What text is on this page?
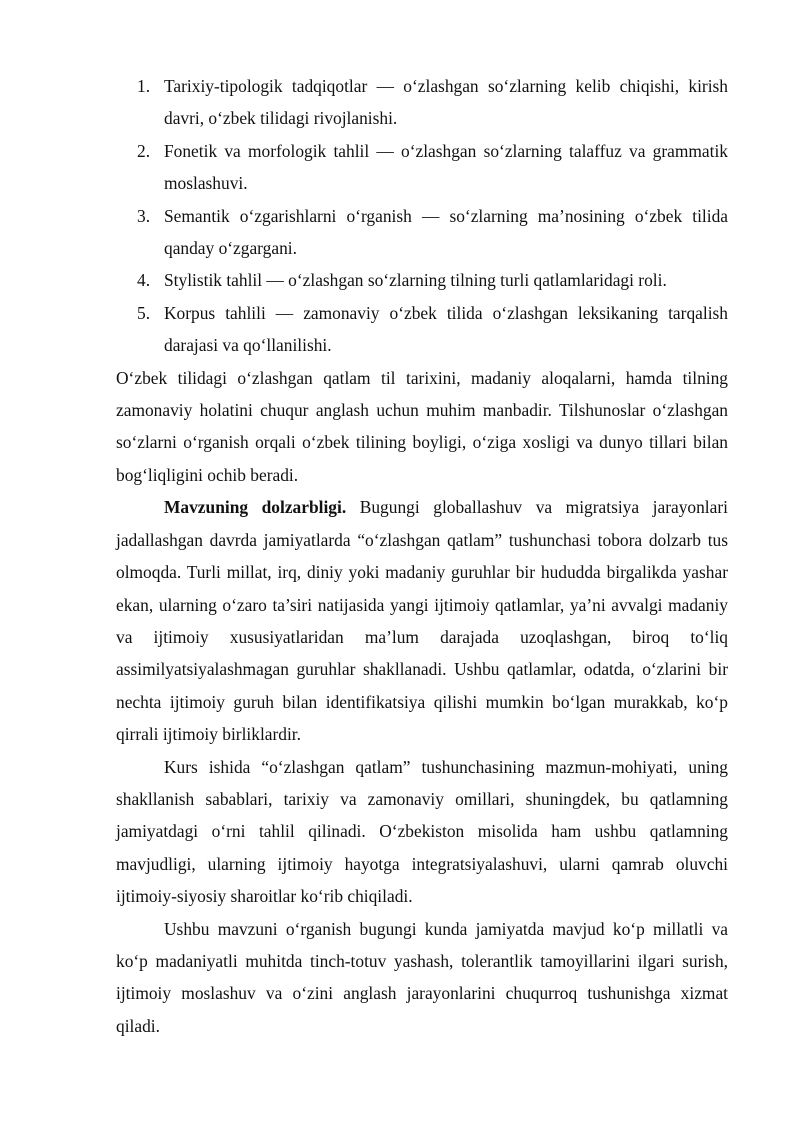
1. Tarixiy-tipologik tadqiqotlar — o‘zlashgan so‘zlarning kelib chiqishi, kirish davri, o‘zbek tilidagi rivojlanishi.
2. Fonetik va morfologik tahlil — o‘zlashgan so‘zlarning talaffuz va grammatik moslashuvi.
3. Semantik o‘zgarishlarni o‘rganish — so‘zlarning ma’nosining o‘zbek tilida qanday o‘zgargani.
4. Stylistik tahlil — o‘zlashgan so‘zlarning tilning turli qatlamlaridagi roli.
5. Korpus tahlili — zamonaviy o‘zbek tilida o‘zlashgan leksikaning tarqalish darajasi va qo‘llanilishi.

O‘zbek tilidagi o‘zlashgan qatlam til tarixini, madaniy aloqalarni, hamda tilning zamonaviy holatini chuqur anglash uchun muhim manbadir. Tilshunoslar o‘zlashgan so‘zlarni o‘rganish orqali o‘zbek tilining boyligi, o‘ziga xosligi va dunyo tillari bilan bog‘liqligini ochib beradi.

Mavzuning dolzarbligi. Bugungi globallashuv va migratsiya jarayonlari jadallashgan davrda jamiyatlarda “o‘zlashgan qatlam” tushunchasi tobora dolzarb tus olmoqda. Turli millat, irq, diniy yoki madaniy guruhlar bir hududda birgalikda yashar ekan, ularning o‘zaro ta’siri natijasida yangi ijtimoiy qatlamlar, ya’ni avvalgi madaniy va ijtimoiy xususiyatlaridan ma’lum darajada uzoqlashgan, biroq to‘liq assimilyatsiyalashmagan guruhlar shakllanadi. Ushbu qatlamlar, odatda, o‘zlarini bir nechta ijtimoiy guruh bilan identifikatsiya qilishi mumkin bo‘lgan murakkab, ko‘p qirrali ijtimoiy birliklardir.

Kurs ishida “o‘zlashgan qatlam” tushunchasining mazmun-mohiyati, uning shakllanish sabablari, tarixiy va zamonaviy omillari, shuningdek, bu qatlamning jamiyatdagi o‘rni tahlil qilinadi. O‘zbekiston misolida ham ushbu qatlamning mavjudligi, ularning ijtimoiy hayotga integratsiyalashuvi, ularni qamrab oluvchi ijtimoiy-siyosiy sharoitlar ko‘rib chiqiladi.

Ushbu mavzuni o‘rganish bugungi kunda jamiyatda mavjud ko‘p millatli va ko‘p madaniyatli muhitda tinch-totuv yashash, tolerantlik tamoyillarini ilgari surish, ijtimoiy moslashuv va o‘zini anglash jarayonlarini chuqurroq tushunishga xizmat qiladi.
